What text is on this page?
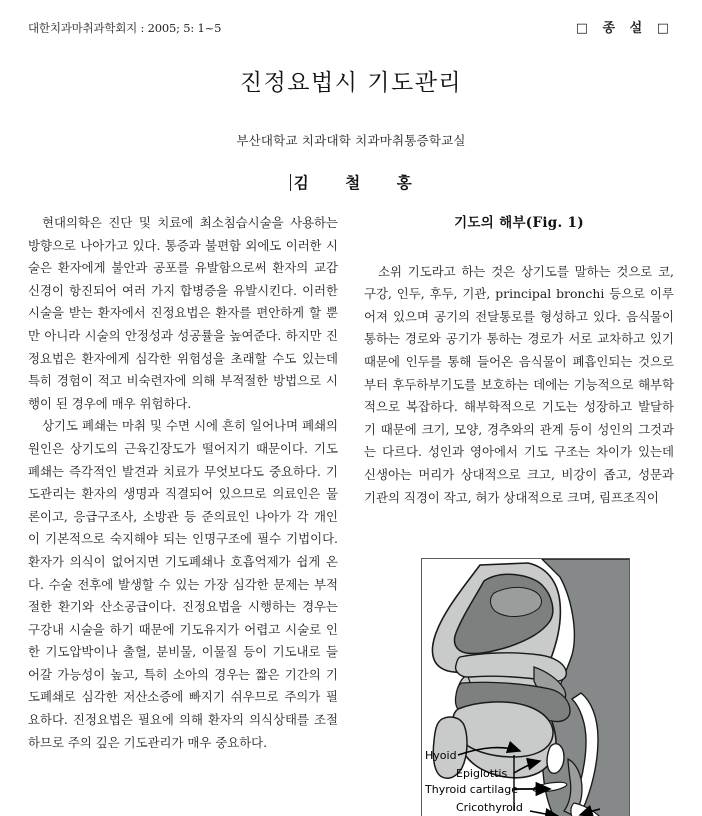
대한치과마취과학회지 : 2005; 5: 1~5	□ 종 설 □
진정요법시 기도관리
부산대학교 치과대학 치과마취통증학교실
김 철 홍

현대의학은 진단 및 치료에 최소침습시술을 사용하는 방향으로 나아가고 있다. 통증과 불편함 외에도 이러한 시술은 환자에게 불안과 공포를 유발함으로써 환자의 교감신경이 항진되어 여러 가지 합병증을 유발시킨다. 이러한 시술을 받는 환자에서 진정요법은 환자를 편안하게 할 뿐만 아니라 시술의 안정성과 성공률을 높여준다. 하지만 진정요법은 환자에게 심각한 위험성을 초래할 수도 있는데 특히 경험이 적고 비숙련자에 의해 부적절한 방법으로 시행이 된 경우에 매우 위험하다.

상기도 폐쇄는 마취 및 수면 시에 흔히 일어나며 폐쇄의 원인은 상기도의 근육긴장도가 떨어지기 때문이다. 기도폐쇄는 즉각적인 발견과 치료가 무엇보다도 중요하다. 기도관리는 환자의 생명과 직결되어 있으므로 의료인은 물론이고, 응급구조사, 소방관 등 준의료인 나아가 각 개인이 기본적으로 숙지해야 되는 인명구조에 필수 기법이다. 환자가 의식이 없어지면 기도폐쇄나 호흡억제가 쉽게 온다. 수술 전후에 발생할 수 있는 가장 심각한 문제는 부적절한 환기와 산소공급이다. 진정요법을 시행하는 경우는 구강내 시술을 하기 때문에 기도유지가 어렵고 시술로 인한 기도압박이나 출혈, 분비물, 이물질 등이 기도내로 들어갈 가능성이 높고, 특히 소아의 경우는 짧은 기간의 기도폐쇄로 심각한 저산소증에 빠지기 쉬우므로 주의가 필요하다. 진정요법은 필요에 의해 환자의 의식상태를 조절하므로 주의 깊은 기도관리가 매우 중요하다.

기도의 해부(Fig. 1)

소위 기도라고 하는 것은 상기도를 말하는 것으로 코, 구강, 인두, 후두, 기관, principal bronchi 등으로 이루어져 있으며 공기의 전달통로를 형성하고 있다. 음식물이 통하는 경로와 공기가 통하는 경로가 서로 교차하고 있기 때문에 인두를 통해 들어온 음식물이 폐흡인되는 것으로부터 후두하부기도를 보호하는 데에는 기능적으로 해부학적으로 복잡하다. 해부학적으로 기도는 성장하고 발달하기 때문에 크기, 모양, 경추와의 관계 등이 성인의 그것과는 다르다. 성인과 영아에서 기도 구조는 차이가 있는데 신생아는 머리가 상대적으로 크고, 비강이 좁고, 성문과 기관의 직경이 작고, 혀가 상대적으로 크며, 림프조직이

Hyoid
Epiglottis
Thyroid cartilage
Cricothyroid
